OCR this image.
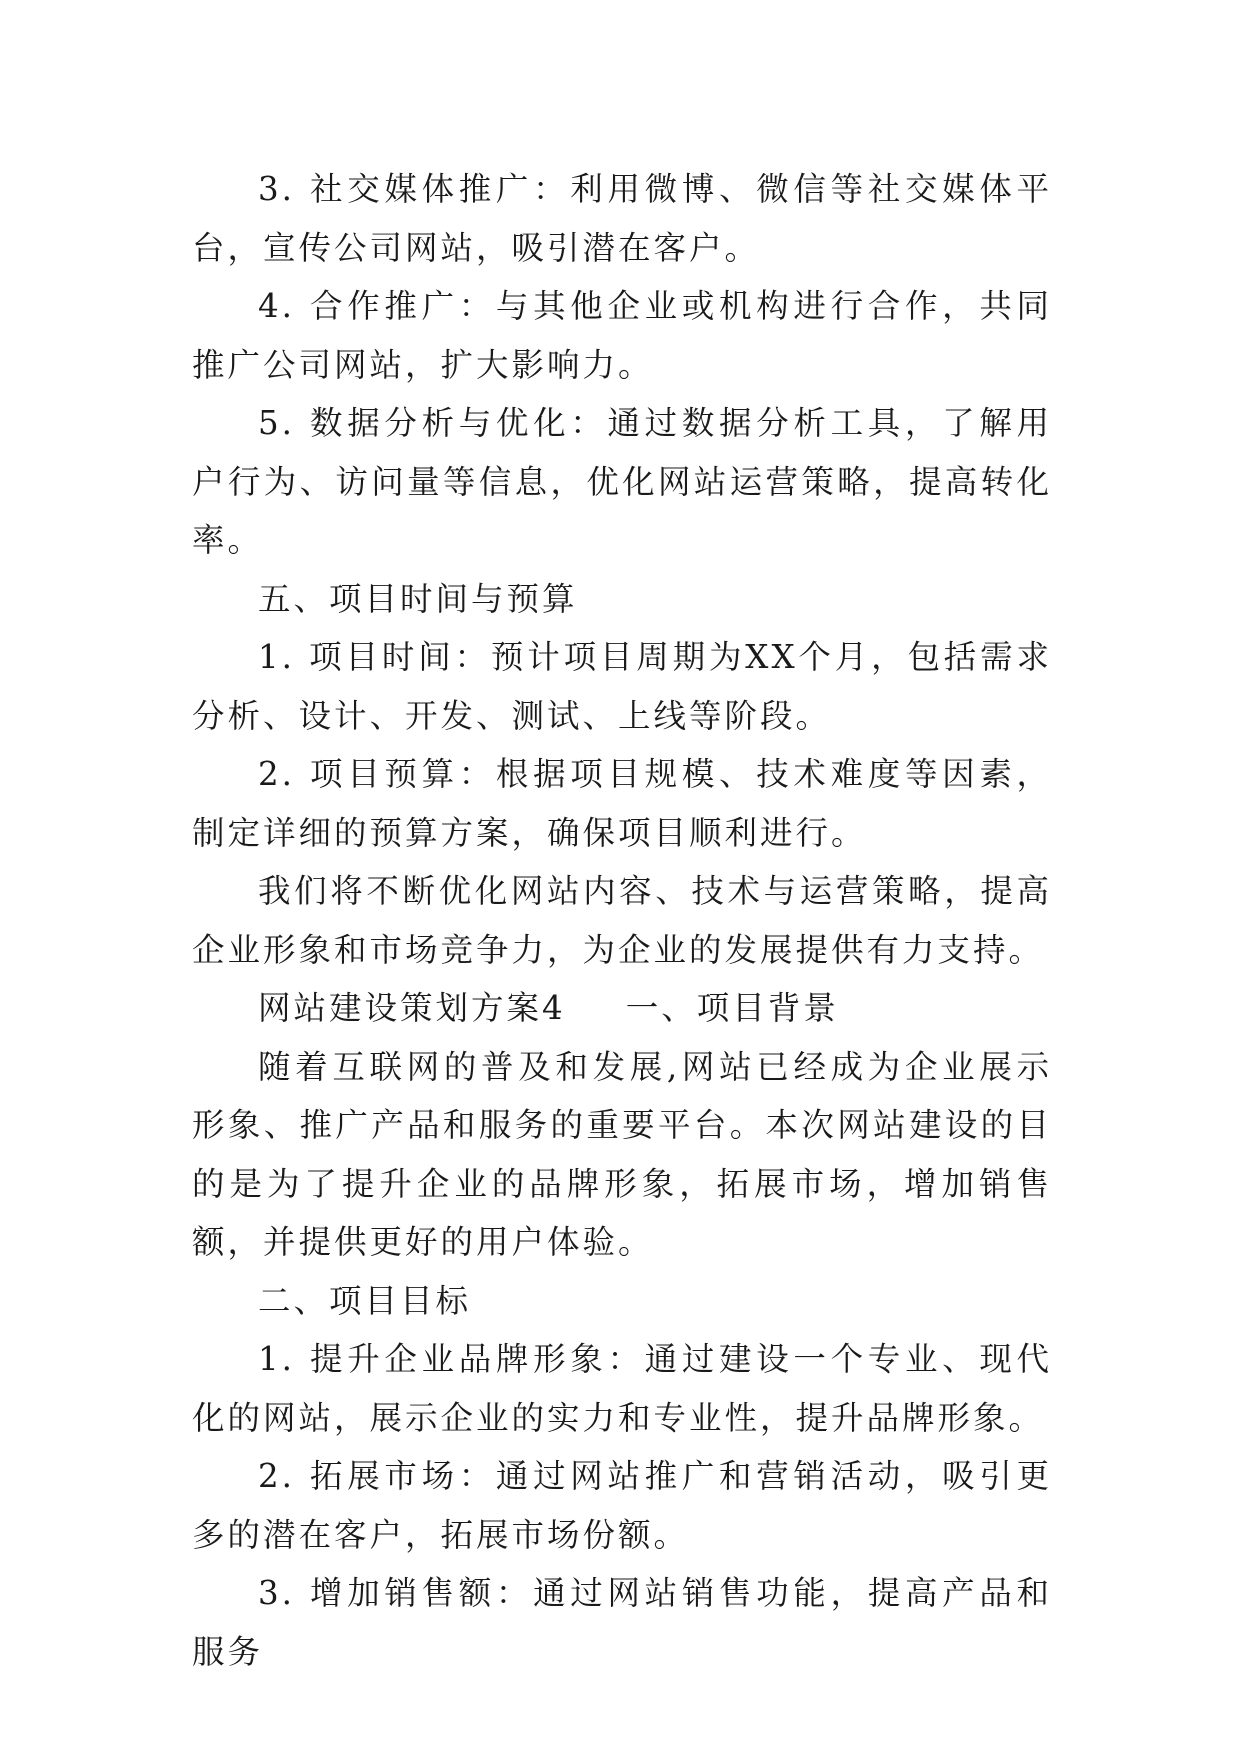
3. 社交媒体推广：利用微博、微信等社交媒体平台，宣传公司网站，吸引潜在客户。

4. 合作推广：与其他企业或机构进行合作，共同推广公司网站，扩大影响力。

5. 数据分析与优化：通过数据分析工具，了解用户行为、访问量等信息，优化网站运营策略，提高转化率。

五、项目时间与预算

1. 项目时间：预计项目周期为XX个月，包括需求分析、设计、开发、测试、上线等阶段。

2. 项目预算：根据项目规模、技术难度等因素，制定详细的预算方案，确保项目顺利进行。

我们将不断优化网站内容、技术与运营策略，提高企业形象和市场竞争力，为企业的发展提供有力支持。

网站建设策划方案4 一、项目背景

随着互联网的普及和发展,网站已经成为企业展示形象、推广产品和服务的重要平台。本次网站建设的目的是为了提升企业的品牌形象，拓展市场，增加销售额，并提供更好的用户体验。

二、项目目标

1. 提升企业品牌形象：通过建设一个专业、现代化的网站，展示企业的实力和专业性，提升品牌形象。

2. 拓展市场：通过网站推广和营销活动，吸引更多的潜在客户，拓展市场份额。

3. 增加销售额：通过网站销售功能，提高产品和服务
